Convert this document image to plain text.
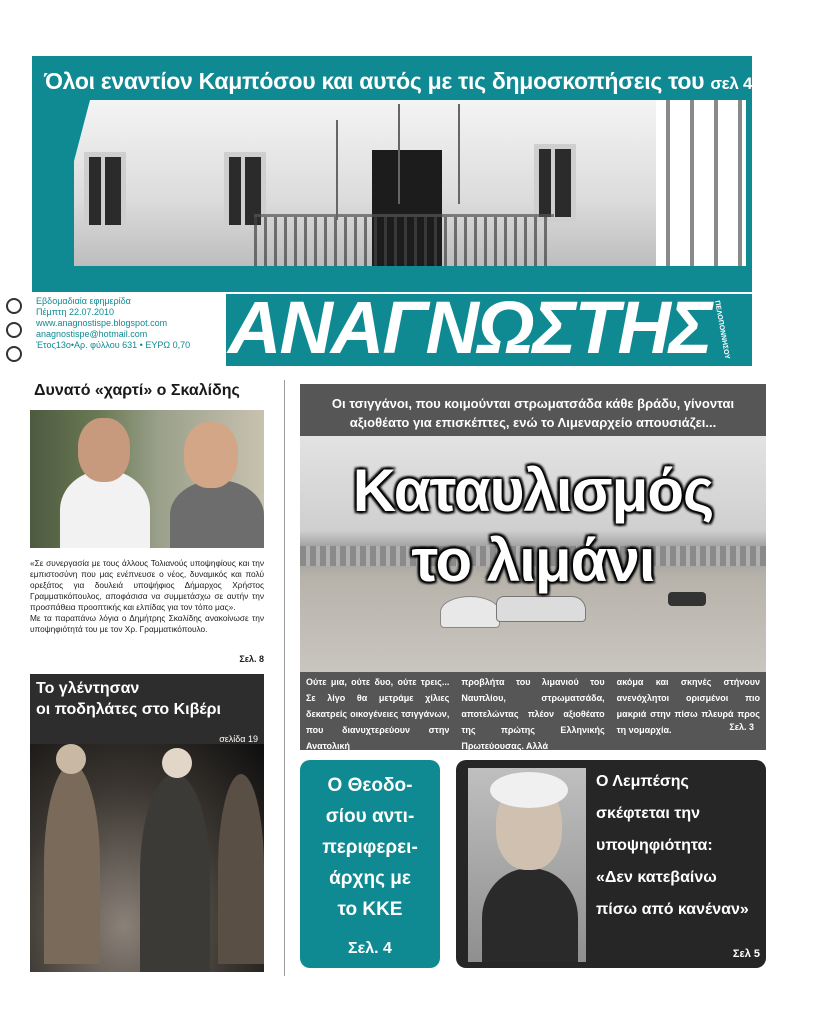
Όλοι εναντίον Καμπόσου και αυτός με τις δημοσκοπήσεις του σελ 4
Εβδομαδιαία εφημερίδα
Πέμπτη 22.07.2010
www.anagnostispe.blogspot.com
anagnostispe@hotmail.com
Έτος13ο•Αρ. φύλλου 631 • ΕΥΡΩ 0,70 ΑΝΑΓΝΩΣΤΗΣ ΠΕΛΟΠΟΝΝΗΣΟΥ
Δυνατό «χαρτί» ο Σκαλίδης
«Σε συνεργασία με τους άλλους Τολιανούς υποψηφίους και την εμπιστοσύνη που μας ενέπνευσε ο νέος, δυναμικός και πολύ ορεξάτος για δουλειά υποψήφιος Δήμαρχος Χρήστος Γραμματικόπουλος, αποφάσισα να συμμετάσχω σε αυτήν την προσπάθεια προοπτικής και ελπίδας για τον τόπο μας».
Με τα παραπάνω λόγια ο Δημήτρης Σκαλίδης ανακοίνωσε την υποψηφιότητά του με τον Χρ. Γραμματικόπουλο.
Σελ. 8
Το γλέντησαν
οι ποδηλάτες στο Κιβέρι
σελίδα 19
Οι τσιγγάνοι, που κοιμούνται στρωματσάδα κάθε βράδυ, γίνονται αξιοθέατο για επισκέπτες, ενώ το Λιμεναρχείο απουσιάζει...
Καταυλισμός
το λιμάνι
Ούτε μια, ούτε δυο, ούτε τρεις... Σε λίγο θα μετράμε χίλιες δεκατρείς οικογένειες τσιγγάνων, που διανυχτερεύουν στην Ανατολική
προβλήτα του λιμανιού του Ναυπλίου, στρωματσάδα, αποτελώντας πλέον αξιοθέατο της πρώτης Ελληνικής Πρωτεύουσας. Αλλά
ακόμα και σκηνές στήνουν ανενόχλητοι ορισμένοι πιο μακριά στην πίσω πλευρά προς τη νομαρχία.	Σελ. 3
Ο Θεοδο-
σίου αντι-
περιφερει-
άρχης με
το ΚΚΕ
Σελ. 4
Ο Λεμπέσης
σκέφτεται την
υποψηφιότητα:
«Δεν κατεβαίνω
πίσω από κανέναν»
Σελ 5
